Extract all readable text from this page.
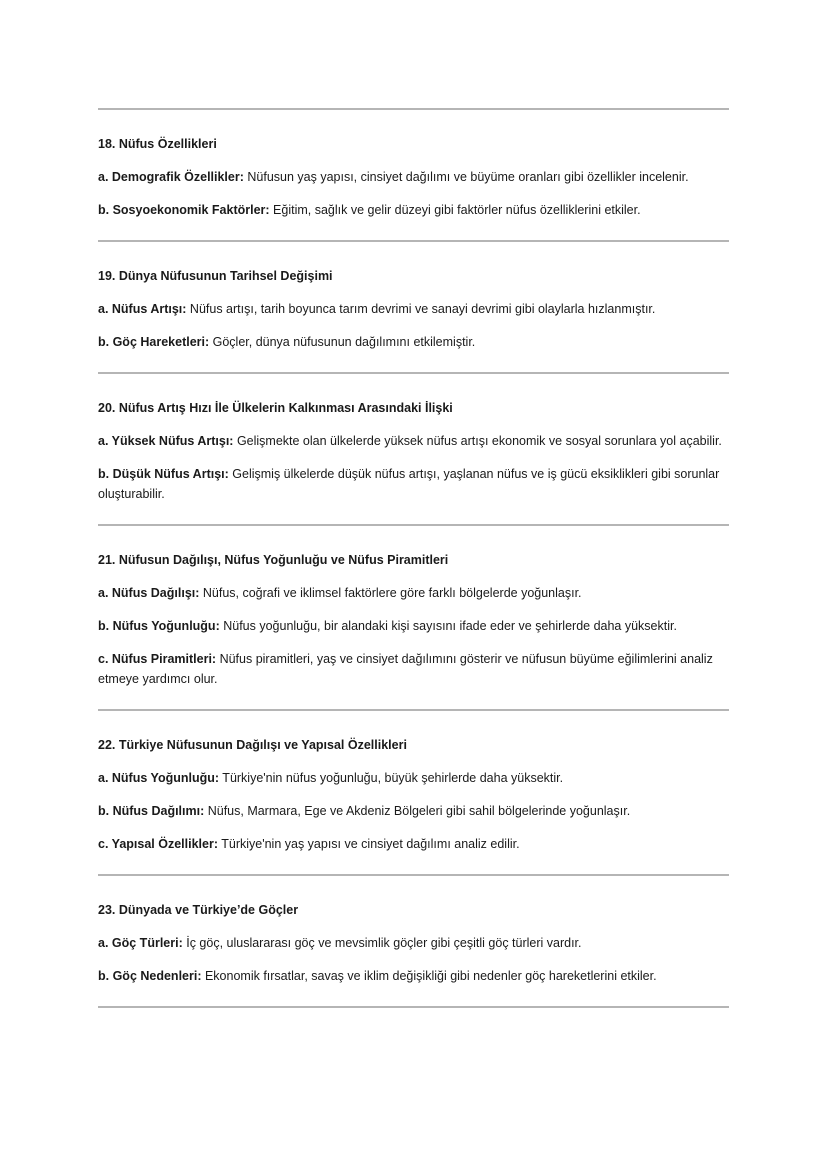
18. Nüfus Özellikleri
a. Demografik Özellikler: Nüfusun yaş yapısı, cinsiyet dağılımı ve büyüme oranları gibi özellikler incelenir.
b. Sosyoekonomik Faktörler: Eğitim, sağlık ve gelir düzeyi gibi faktörler nüfus özelliklerini etkiler.
19. Dünya Nüfusunun Tarihsel Değişimi
a. Nüfus Artışı: Nüfus artışı, tarih boyunca tarım devrimi ve sanayi devrimi gibi olaylarla hızlanmıştır.
b. Göç Hareketleri: Göçler, dünya nüfusunun dağılımını etkilemiştir.
20. Nüfus Artış Hızı İle Ülkelerin Kalkınması Arasındaki İlişki
a. Yüksek Nüfus Artışı: Gelişmekte olan ülkelerde yüksek nüfus artışı ekonomik ve sosyal sorunlara yol açabilir.
b. Düşük Nüfus Artışı: Gelişmiş ülkelerde düşük nüfus artışı, yaşlanan nüfus ve iş gücü eksiklikleri gibi sorunlar oluşturabilir.
21. Nüfusun Dağılışı, Nüfus Yoğunluğu ve Nüfus Piramitleri
a. Nüfus Dağılışı: Nüfus, coğrafi ve iklimsel faktörlere göre farklı bölgelerde yoğunlaşır.
b. Nüfus Yoğunluğu: Nüfus yoğunluğu, bir alandaki kişi sayısını ifade eder ve şehirlerde daha yüksektir.
c. Nüfus Piramitleri: Nüfus piramitleri, yaş ve cinsiyet dağılımını gösterir ve nüfusun büyüme eğilimlerini analiz etmeye yardımcı olur.
22. Türkiye Nüfusunun Dağılışı ve Yapısal Özellikleri
a. Nüfus Yoğunluğu: Türkiye'nin nüfus yoğunluğu, büyük şehirlerde daha yüksektir.
b. Nüfus Dağılımı: Nüfus, Marmara, Ege ve Akdeniz Bölgeleri gibi sahil bölgelerinde yoğunlaşır.
c. Yapısal Özellikler: Türkiye'nin yaş yapısı ve cinsiyet dağılımı analiz edilir.
23. Dünyada ve Türkiye’de Göçler
a. Göç Türleri: İç göç, uluslararası göç ve mevsimlik göçler gibi çeşitli göç türleri vardır.
b. Göç Nedenleri: Ekonomik fırsatlar, savaş ve iklim değişikliği gibi nedenler göç hareketlerini etkiler.
